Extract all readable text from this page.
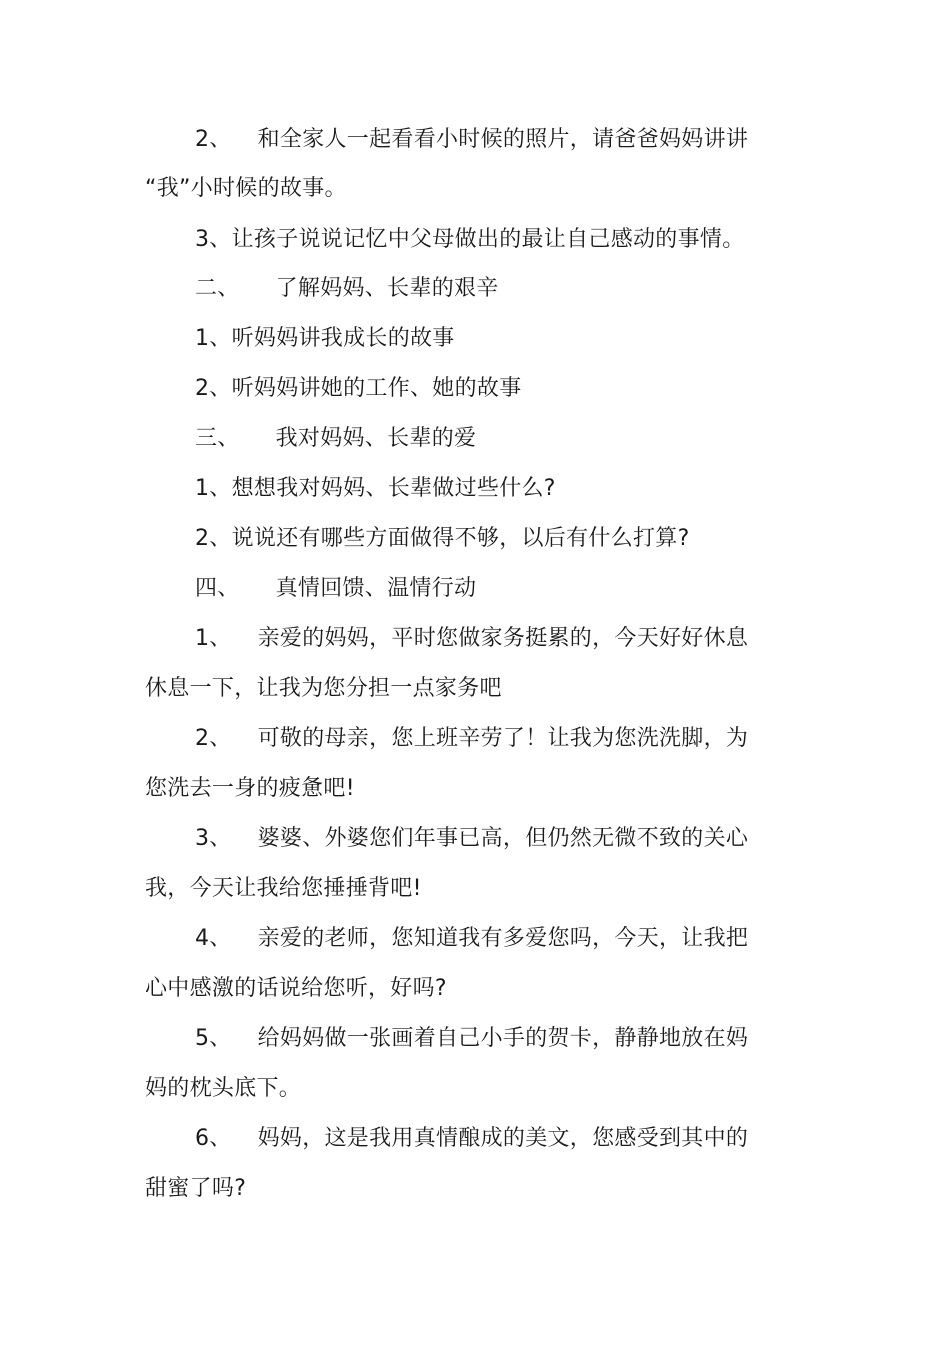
2、 和全家人一起看看小时候的照片，请爸爸妈妈讲讲
“我”小时候的故事。
3、让孩子说说记忆中父母做出的最让自己感动的事情。
二、 了解妈妈、长辈的艰辛
1、听妈妈讲我成长的故事
2、听妈妈讲她的工作、她的故事
三、 我对妈妈、长辈的爱
1、想想我对妈妈、长辈做过些什么?
2、说说还有哪些方面做得不够，以后有什么打算?
四、 真情回馈、温情行动
1、 亲爱的妈妈，平时您做家务挺累的，今天好好休息
休息一下，让我为您分担一点家务吧
2、 可敬的母亲，您上班辛劳了！让我为您洗洗脚，为
您洗去一身的疲惫吧!
3、 婆婆、外婆您们年事已高，但仍然无微不致的关心
我，今天让我给您捶捶背吧!
4、 亲爱的老师，您知道我有多爱您吗，今天，让我把
心中感激的话说给您听，好吗?
5、 给妈妈做一张画着自己小手的贺卡，静静地放在妈
妈的枕头底下。
6、 妈妈，这是我用真情酿成的美文，您感受到其中的
甜蜜了吗?
